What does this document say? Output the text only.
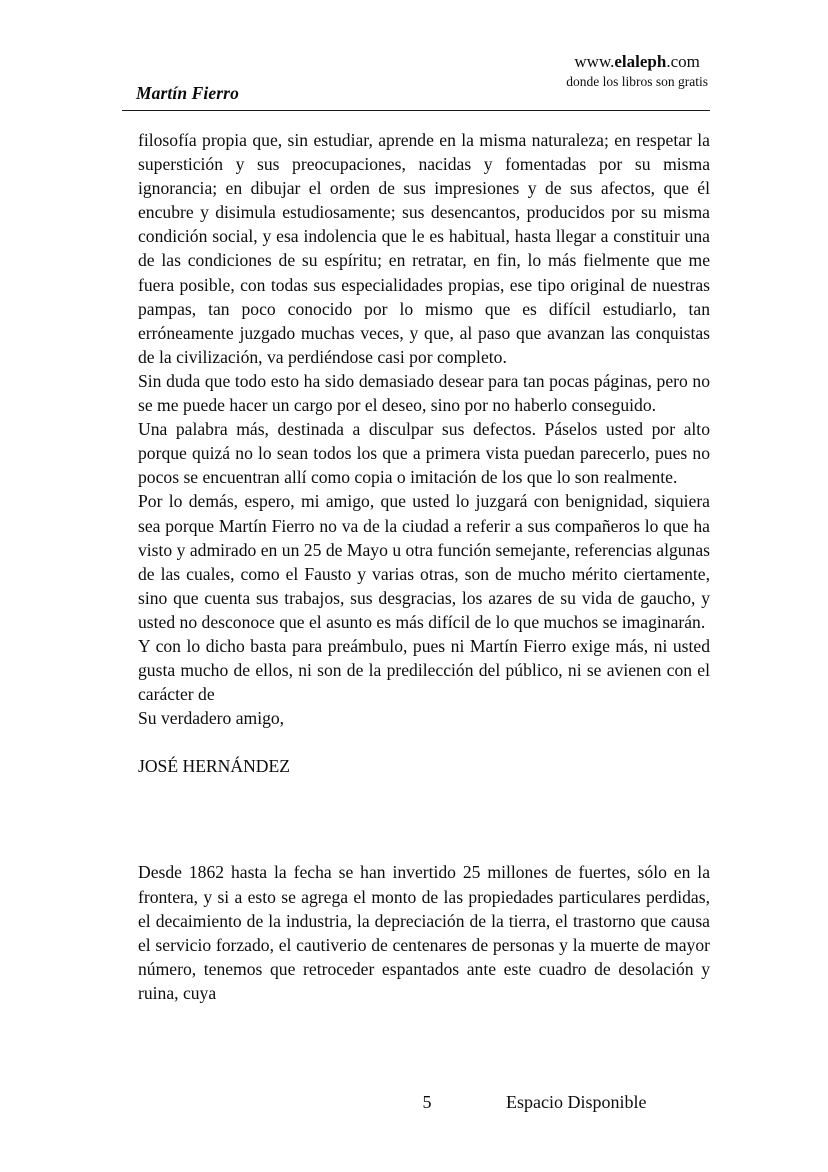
Martín Fierro
www.elaleph.com
donde los libros son gratis

filosofía propia que, sin estudiar, aprende en la misma naturaleza; en respetar la superstición y sus preocupaciones, nacidas y fomentadas por su misma ignorancia; en dibujar el orden de sus impresiones y de sus afectos, que él encubre y disimula estudiosamente; sus desencantos, producidos por su misma condición social, y esa indolencia que le es habitual, hasta llegar a constituir una de las condiciones de su espíritu; en retratar, en fin, lo más fielmente que me fuera posible, con todas sus especialidades propias, ese tipo original de nuestras pampas, tan poco conocido por lo mismo que es difícil estudiarlo, tan erróneamente juzgado muchas veces, y que, al paso que avanzan las conquistas de la civilización, va perdiéndose casi por completo.

Sin duda que todo esto ha sido demasiado desear para tan pocas páginas, pero no se me puede hacer un cargo por el deseo, sino por no haberlo conseguido.

Una palabra más, destinada a disculpar sus defectos. Páselos usted por alto porque quizá no lo sean todos los que a primera vista puedan parecerlo, pues no pocos se encuentran allí como copia o imitación de los que lo son realmente.

Por lo demás, espero, mi amigo, que usted lo juzgará con benignidad, siquiera sea porque Martín Fierro no va de la ciudad a referir a sus compañeros lo que ha visto y admirado en un 25 de Mayo u otra función semejante, referencias algunas de las cuales, como el Fausto y varias otras, son de mucho mérito ciertamente, sino que cuenta sus trabajos, sus desgracias, los azares de su vida de gaucho, y usted no desconoce que el asunto es más difícil de lo que muchos se imaginarán.

Y con lo dicho basta para preámbulo, pues ni Martín Fierro exige más, ni usted gusta mucho de ellos, ni son de la predilección del público, ni se avienen con el carácter de

Su verdadero amigo,

JOSÉ HERNÁNDEZ

Desde 1862 hasta la fecha se han invertido 25 millones de fuertes, sólo en la frontera, y si a esto se agrega el monto de las propiedades particulares perdidas, el decaimiento de la industria, la depreciación de la tierra, el trastorno que causa el servicio forzado, el cautiverio de centenares de personas y la muerte de mayor número, tenemos que retroceder espantados ante este cuadro de desolación y ruina, cuya

5	Espacio Disponible
